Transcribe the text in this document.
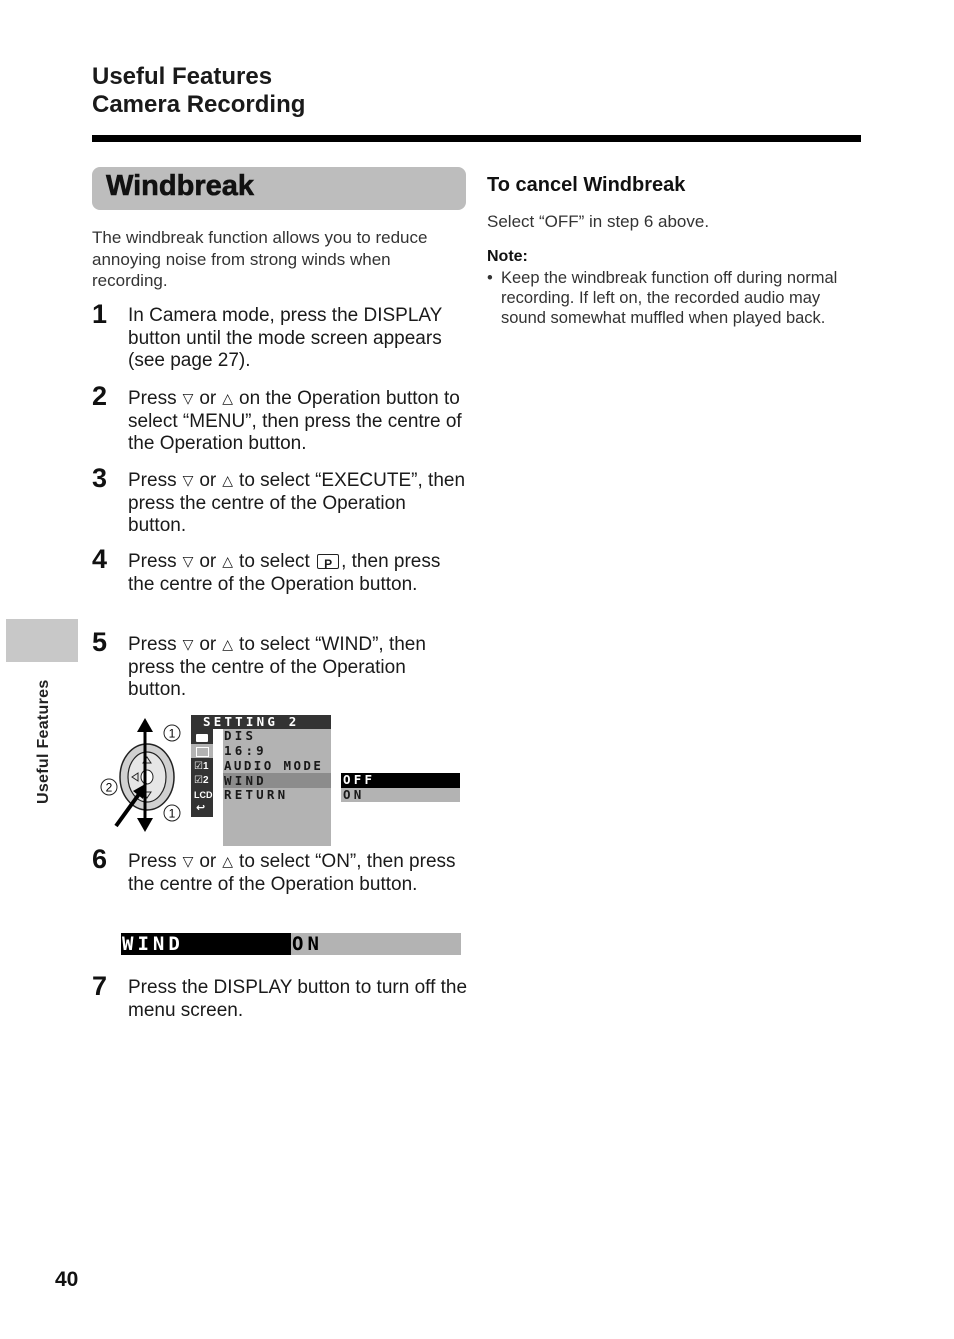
Useful Features
Camera Recording
Windbreak
The windbreak function allows you to reduce annoying noise from strong winds when recording.
1 In Camera mode, press the DISPLAY button until the mode screen appears (see page 27).
2 Press ▽ or △ on the Operation button to select “MENU”, then press the centre of the Operation button.
3 Press ▽ or △ to select “EXECUTE”, then press the centre of the Operation button.
4 Press ▽ or △ to select P , then press the centre of the Operation button.
5 Press ▽ or △ to select “WIND”, then press the centre of the Operation button.
1
2
1
SETTING 2
☑1
☑2
LCD
↩
DIS
16:9
AUDIO MODE
WIND
RETURN
OFF
ON
6 Press ▽ or △ to select “ON”, then press the centre of the Operation button.
WIND	ON
7 Press the DISPLAY button to turn off the menu screen.
To cancel Windbreak
Select “OFF” in step 6 above.
Note:
• Keep the windbreak function off during normal recording. If left on, the recorded audio may sound somewhat muffled when played back.
Useful Features
40
